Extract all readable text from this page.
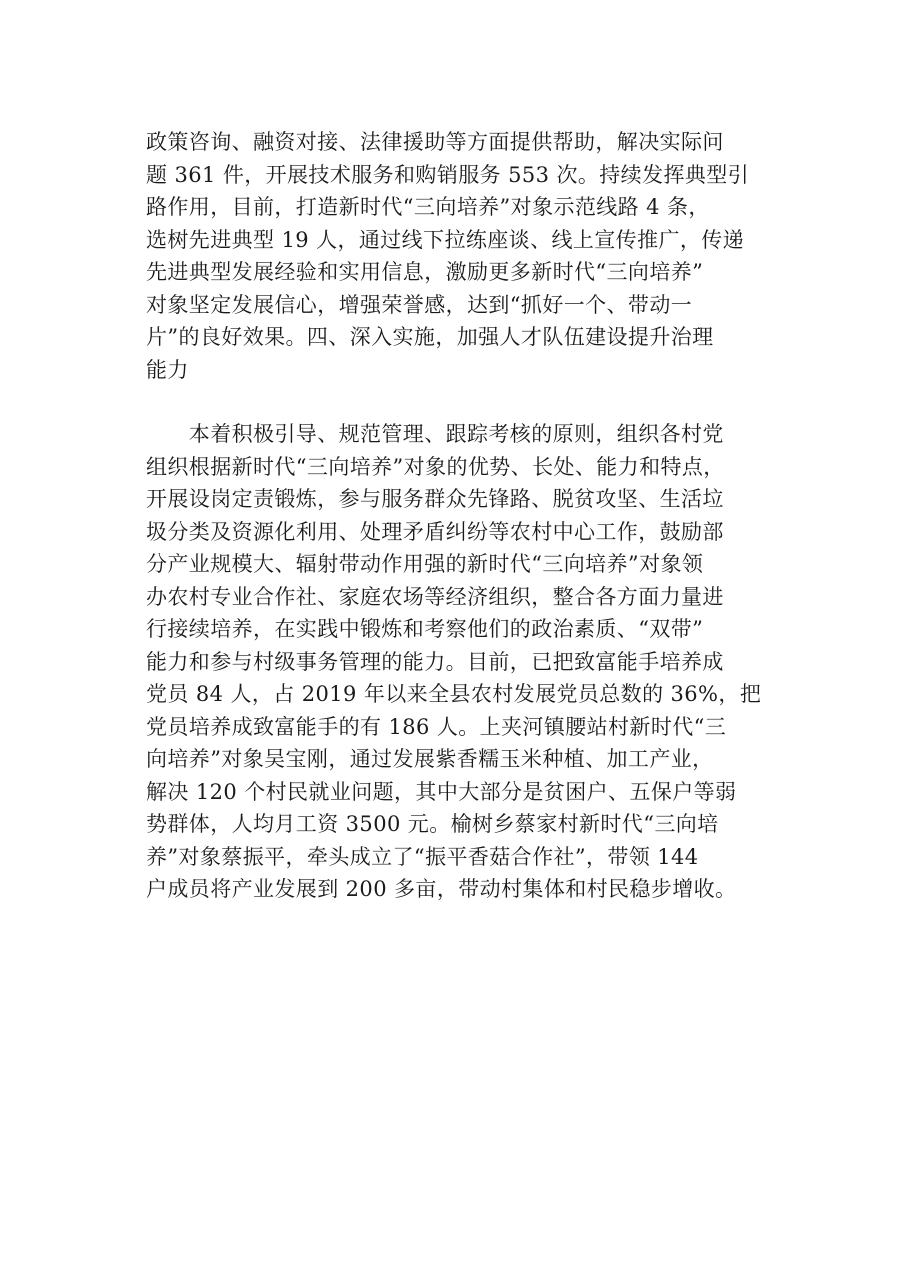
政策咨询、融资对接、法律援助等方面提供帮助，解决实际问
题 361 件，开展技术服务和购销服务 553 次。持续发挥典型引
路作用，目前，打造新时代“三向培养”对象示范线路 4 条，
选树先进典型 19 人，通过线下拉练座谈、线上宣传推广，传递
先进典型发展经验和实用信息，激励更多新时代“三向培养”
对象坚定发展信心，增强荣誉感，达到“抓好一个、带动一
片”的良好效果。四、深入实施，加强人才队伍建设提升治理
能力
　　本着积极引导、规范管理、跟踪考核的原则，组织各村党
组织根据新时代“三向培养”对象的优势、长处、能力和特点，
开展设岗定责锻炼，参与服务群众先锋路、脱贫攻坚、生活垃
圾分类及资源化利用、处理矛盾纠纷等农村中心工作，鼓励部
分产业规模大、辐射带动作用强的新时代“三向培养”对象领
办农村专业合作社、家庭农场等经济组织，整合各方面力量进
行接续培养，在实践中锻炼和考察他们的政治素质、“双带”
能力和参与村级事务管理的能力。目前，已把致富能手培养成
党员 84 人，占 2019 年以来全县农村发展党员总数的 36%，把
党员培养成致富能手的有 186 人。上夹河镇腰站村新时代“三
向培养”对象吴宝刚，通过发展紫香糯玉米种植、加工产业，
解决 120 个村民就业问题，其中大部分是贫困户、五保户等弱
势群体，人均月工资 3500 元。榆树乡蔡家村新时代“三向培
养”对象蔡振平，牵头成立了“振平香菇合作社”，带领 144
户成员将产业发展到 200 多亩，带动村集体和村民稳步增收。
